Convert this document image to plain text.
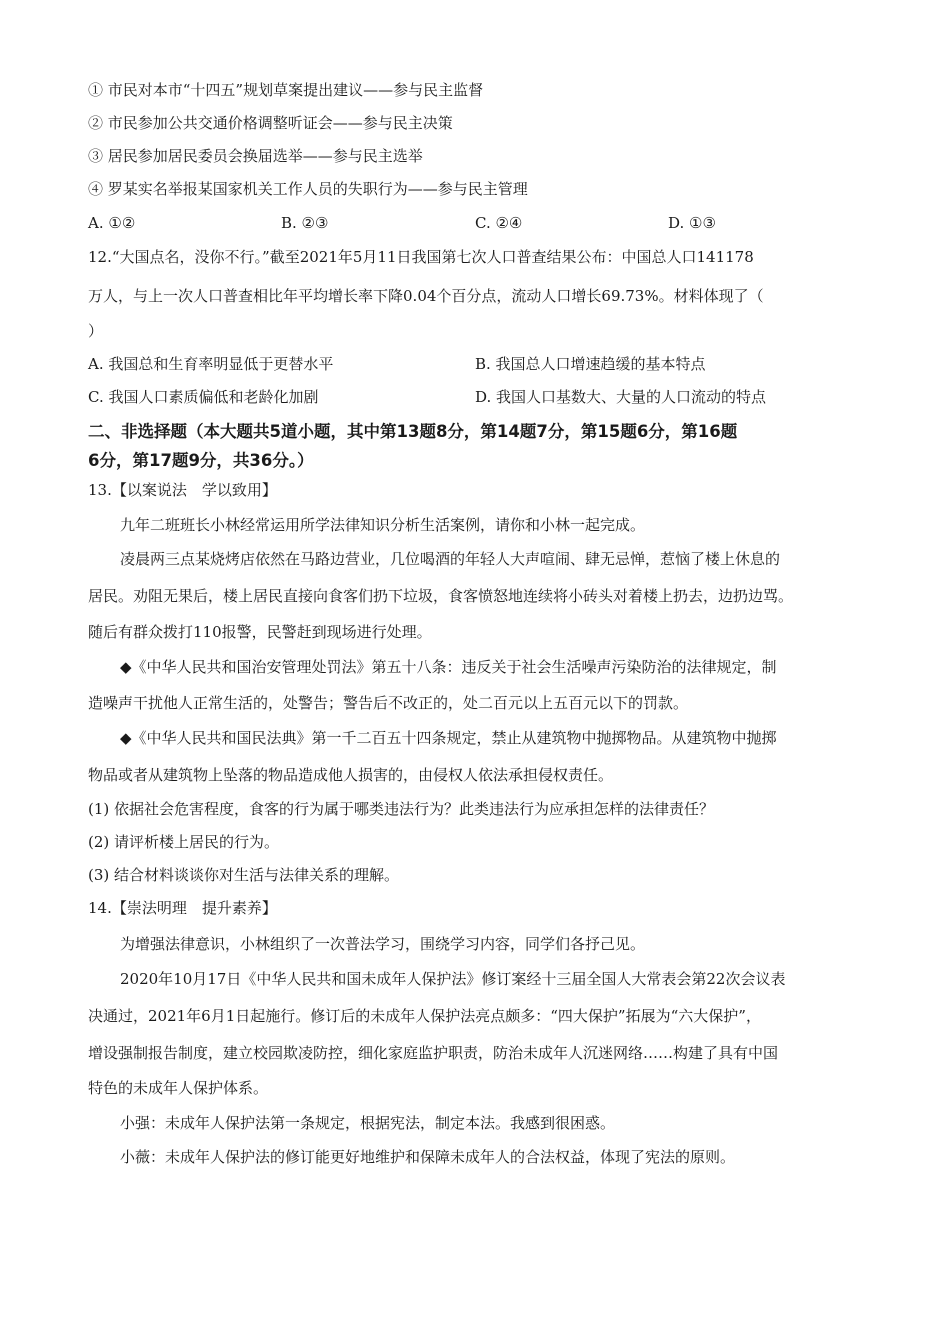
① 市民对本市“十四五”规划草案提出建议——参与民主监督
② 市民参加公共交通价格调整听证会——参与民主决策
③ 居民参加居民委员会换届选举——参与民主选举
④ 罗某实名举报某国家机关工作人员的失职行为——参与民主管理
A. ①②	B. ②③	C. ②④	D. ①③
12.“大国点名，没你不行。”截至2021年5月11日我国第七次人口普查结果公布：中国总人口141178
万人，与上一次人口普查相比年平均增长率下降0.04个百分点，流动人口增长69.73%。材料体现了（
）
A. 我国总和生育率明显低于更替水平	B. 我国总人口增速趋缓的基本特点
C. 我国人口素质偏低和老龄化加剧	D. 我国人口基数大、大量的人口流动的特点
二、非选择题（本大题共5道小题，其中第13题8分，第14题7分，第15题6分，第16题
6分，第17题9分，共36分。）
13.【以案说法　学以致用】
九年二班班长小林经常运用所学法律知识分析生活案例，请你和小林一起完成。
凌晨两三点某烧烤店依然在马路边营业，几位喝酒的年轻人大声喧闹、肆无忌惮，惹恼了楼上休息的
居民。劝阻无果后，楼上居民直接向食客们扔下垃圾，食客愤怒地连续将小砖头对着楼上扔去，边扔边骂。
随后有群众拨打110报警，民警赶到现场进行处理。
◆《中华人民共和国治安管理处罚法》第五十八条：违反关于社会生活噪声污染防治的法律规定，制
造噪声干扰他人正常生活的，处警告；警告后不改正的，处二百元以上五百元以下的罚款。
◆《中华人民共和国民法典》第一千二百五十四条规定，禁止从建筑物中抛掷物品。从建筑物中抛掷
物品或者从建筑物上坠落的物品造成他人损害的，由侵权人依法承担侵权责任。
(1) 依据社会危害程度，食客的行为属于哪类违法行为？此类违法行为应承担怎样的法律责任？
(2) 请评析楼上居民的行为。
(3) 结合材料谈谈你对生活与法律关系的理解。
14.【崇法明理　提升素养】
为增强法律意识，小林组织了一次普法学习，围绕学习内容，同学们各抒己见。
2020年10月17日《中华人民共和国未成年人保护法》修订案经十三届全国人大常表会第22次会议表
决通过，2021年6月1日起施行。修订后的未成年人保护法亮点颇多：“四大保护”拓展为“六大保护”，
增设强制报告制度，建立校园欺凌防控，细化家庭监护职责，防治未成年人沉迷网络……构建了具有中国
特色的未成年人保护体系。
小强：未成年人保护法第一条规定，根据宪法，制定本法。我感到很困惑。
小薇：未成年人保护法的修订能更好地维护和保障未成年人的合法权益，体现了宪法的原则。
